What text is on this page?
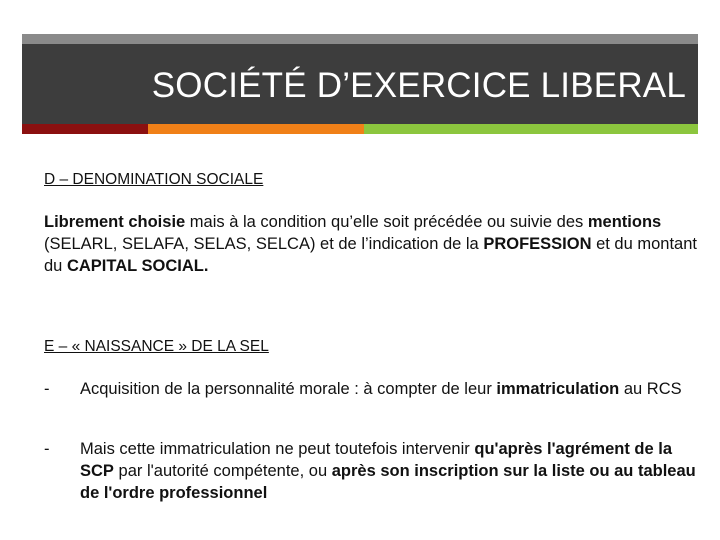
SOCIÉTÉ D’EXERCICE LIBERAL
D – DENOMINATION SOCIALE
Librement choisie mais à la condition qu’elle soit précédée ou suivie des mentions (SELARL, SELAFA, SELAS, SELCA) et de l’indication de la PROFESSION et du montant du CAPITAL SOCIAL.
E – « NAISSANCE » DE LA SEL
- Acquisition de la personnalité morale : à compter de leur immatriculation au RCS
- Mais cette immatriculation ne peut toutefois intervenir qu'après l'agrément de la SCP par l'autorité compétente, ou après son inscription sur la liste ou au tableau de l'ordre professionnel
